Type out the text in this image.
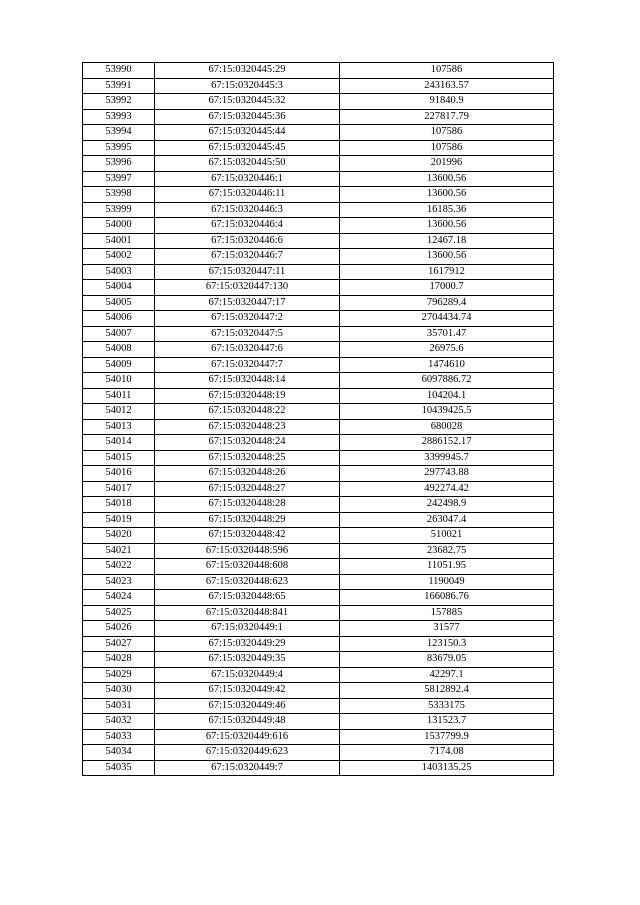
53990	67:15:0320445:29	107586
53991	67:15:0320445:3	243163.57
53992	67:15:0320445:32	91840.9
53993	67:15:0320445:36	227817.79
53994	67:15:0320445:44	107586
53995	67:15:0320445:45	107586
53996	67:15:0320445:50	201996
53997	67:15:0320446:1	13600.56
53998	67:15:0320446:11	13600.56
53999	67:15:0320446:3	16185.36
54000	67:15:0320446:4	13600.56
54001	67:15:0320446:6	12467.18
54002	67:15:0320446:7	13600.56
54003	67:15:0320447:11	1617912
54004	67:15:0320447:130	17000.7
54005	67:15:0320447:17	796289.4
54006	67:15:0320447:2	2704434.74
54007	67:15:0320447:5	35701.47
54008	67:15:0320447:6	26975.6
54009	67:15:0320447:7	1474610
54010	67:15:0320448:14	6097886.72
54011	67:15:0320448:19	104204.1
54012	67:15:0320448:22	10439425.5
54013	67:15:0320448:23	680028
54014	67:15:0320448:24	2886152.17
54015	67:15:0320448:25	3399945.7
54016	67:15:0320448:26	297743.88
54017	67:15:0320448:27	492274.42
54018	67:15:0320448:28	242498.9
54019	67:15:0320448:29	263047.4
54020	67:15:0320448:42	510021
54021	67:15:0320448:596	23682.75
54022	67:15:0320448:608	11051.95
54023	67:15:0320448:623	1190049
54024	67:15:0320448:65	166086.76
54025	67:15:0320448:841	157885
54026	67:15:0320449:1	31577
54027	67:15:0320449:29	123150.3
54028	67:15:0320449:35	83679.05
54029	67:15:0320449:4	42297.1
54030	67:15:0320449:42	5812892.4
54031	67:15:0320449:46	5333175
54032	67:15:0320449:48	131523.7
54033	67:15:0320449:616	1537799.9
54034	67:15:0320449:623	7174.08
54035	67:15:0320449:7	1403135.25
